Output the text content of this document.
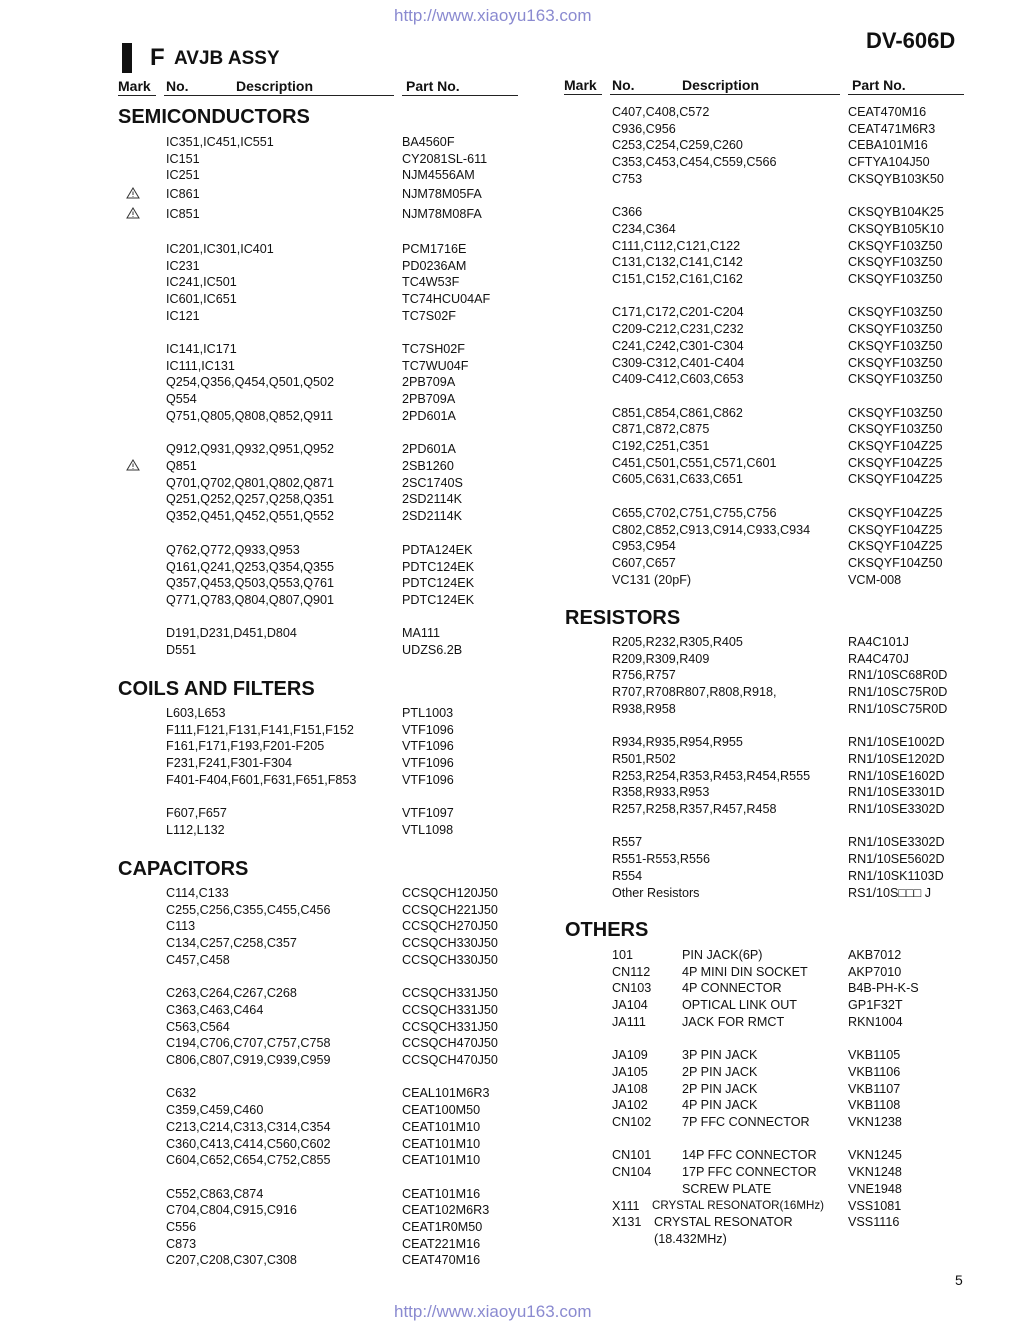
http://www.xiaoyu163.com
DV-606D
F AVJB ASSY
Mark No.	Description	Part No.	Mark No.	Description	Part No.
SEMICONDUCTORS
COILS AND FILTERS
CAPACITORS
RESISTORS
OTHERS
IC351,IC451,IC551	BA4560F
IC151	CY2081SL-611
IC251	NJM4556AM
IC861	NJM78M05FA
IC851	NJM78M08FA
IC201,IC301,IC401	PCM1716E
IC231	PD0236AM
IC241,IC501	TC4W53F
IC601,IC651	TC74HCU04AF
IC121	TC7S02F
IC141,IC171	TC7SH02F
IC111,IC131	TC7WU04F
Q254,Q356,Q454,Q501,Q502	2PB709A
Q554	2PB709A
Q751,Q805,Q808,Q852,Q911	2PD601A
Q912,Q931,Q932,Q951,Q952	2PD601A
Q851	2SB1260
Q701,Q702,Q801,Q802,Q871	2SC1740S
Q251,Q252,Q257,Q258,Q351	2SD2114K
Q352,Q451,Q452,Q551,Q552	2SD2114K
Q762,Q772,Q933,Q953	PDTA124EK
Q161,Q241,Q253,Q354,Q355	PDTC124EK
Q357,Q453,Q503,Q553,Q761	PDTC124EK
Q771,Q783,Q804,Q807,Q901	PDTC124EK
D191,D231,D451,D804	MA111
D551	UDZS6.2B
L603,L653	PTL1003
F111,F121,F131,F141,F151,F152	VTF1096
F161,F171,F193,F201-F205	VTF1096
F231,F241,F301-F304	VTF1096
F401-F404,F601,F631,F651,F853	VTF1096
F607,F657	VTF1097
L112,L132	VTL1098
C114,C133	CCSQCH120J50
C255,C256,C355,C455,C456	CCSQCH221J50
C113	CCSQCH270J50
C134,C257,C258,C357	CCSQCH330J50
C457,C458	CCSQCH330J50
C263,C264,C267,C268	CCSQCH331J50
C363,C463,C464	CCSQCH331J50
C563,C564	CCSQCH331J50
C194,C706,C707,C757,C758	CCSQCH470J50
C806,C807,C919,C939,C959	CCSQCH470J50
C632	CEAL101M6R3
C359,C459,C460	CEAT100M50
C213,C214,C313,C314,C354	CEAT101M10
C360,C413,C414,C560,C602	CEAT101M10
C604,C652,C654,C752,C855	CEAT101M10
C552,C863,C874	CEAT101M16
C704,C804,C915,C916	CEAT102M6R3
C556	CEAT1R0M50
C873	CEAT221M16
C207,C208,C307,C308	CEAT470M16
C407,C408,C572	CEAT470M16
C936,C956	CEAT471M6R3
C253,C254,C259,C260	CEBA101M16
C353,C453,C454,C559,C566	CFTYA104J50
C753	CKSQYB103K50
C366	CKSQYB104K25
C234,C364	CKSQYB105K10
C111,C112,C121,C122	CKSQYF103Z50
C131,C132,C141,C142	CKSQYF103Z50
C151,C152,C161,C162	CKSQYF103Z50
C171,C172,C201-C204	CKSQYF103Z50
C209-C212,C231,C232	CKSQYF103Z50
C241,C242,C301-C304	CKSQYF103Z50
C309-C312,C401-C404	CKSQYF103Z50
C409-C412,C603,C653	CKSQYF103Z50
C851,C854,C861,C862	CKSQYF103Z50
C871,C872,C875	CKSQYF103Z50
C192,C251,C351	CKSQYF104Z25
C451,C501,C551,C571,C601	CKSQYF104Z25
C605,C631,C633,C651	CKSQYF104Z25
C655,C702,C751,C755,C756	CKSQYF104Z25
C802,C852,C913,C914,C933,C934	CKSQYF104Z25
C953,C954	CKSQYF104Z25
C607,C657	CKSQYF104Z50
VC131 (20pF)	VCM-008
R205,R232,R305,R405	RA4C101J
R209,R309,R409	RA4C470J
R756,R757	RN1/10SC68R0D
R707,R708R807,R808,R918,	RN1/10SC75R0D
R938,R958	RN1/10SC75R0D
R934,R935,R954,R955	RN1/10SE1002D
R501,R502	RN1/10SE1202D
R253,R254,R353,R453,R454,R555	RN1/10SE1602D
R358,R933,R953	RN1/10SE3301D
R257,R258,R357,R457,R458	RN1/10SE3302D
R557	RN1/10SE3302D
R551-R553,R556	RN1/10SE5602D
R554	RN1/10SK1103D
Other Resistors	RS1/10S□□□ J
101	PIN JACK(6P)	AKB7012
CN112	4P MINI DIN SOCKET	AKP7010
CN103 4P CONNECTOR	B4B-PH-K-S
JA104	OPTICAL LINK OUT	GP1F32T
JA111	JACK FOR RMCT	RKN1004
JA109	3P PIN JACK	VKB1105
JA105	2P PIN JACK	VKB1106
JA108	2P PIN JACK	VKB1107
JA102	4P PIN JACK	VKB1108
CN102 7P FFC CONNECTOR	VKN1238
CN101 14P FFC CONNECTOR VKN1245
CN104 17P FFC CONNECTOR VKN1248
SCREW PLATE	VNE1948
X111 CRYSTAL RESONATOR(16MHz) VSS1081
X131 CRYSTAL RESONATOR	VSS1116
(18.432MHz)
5
http://www.xiaoyu163.com
